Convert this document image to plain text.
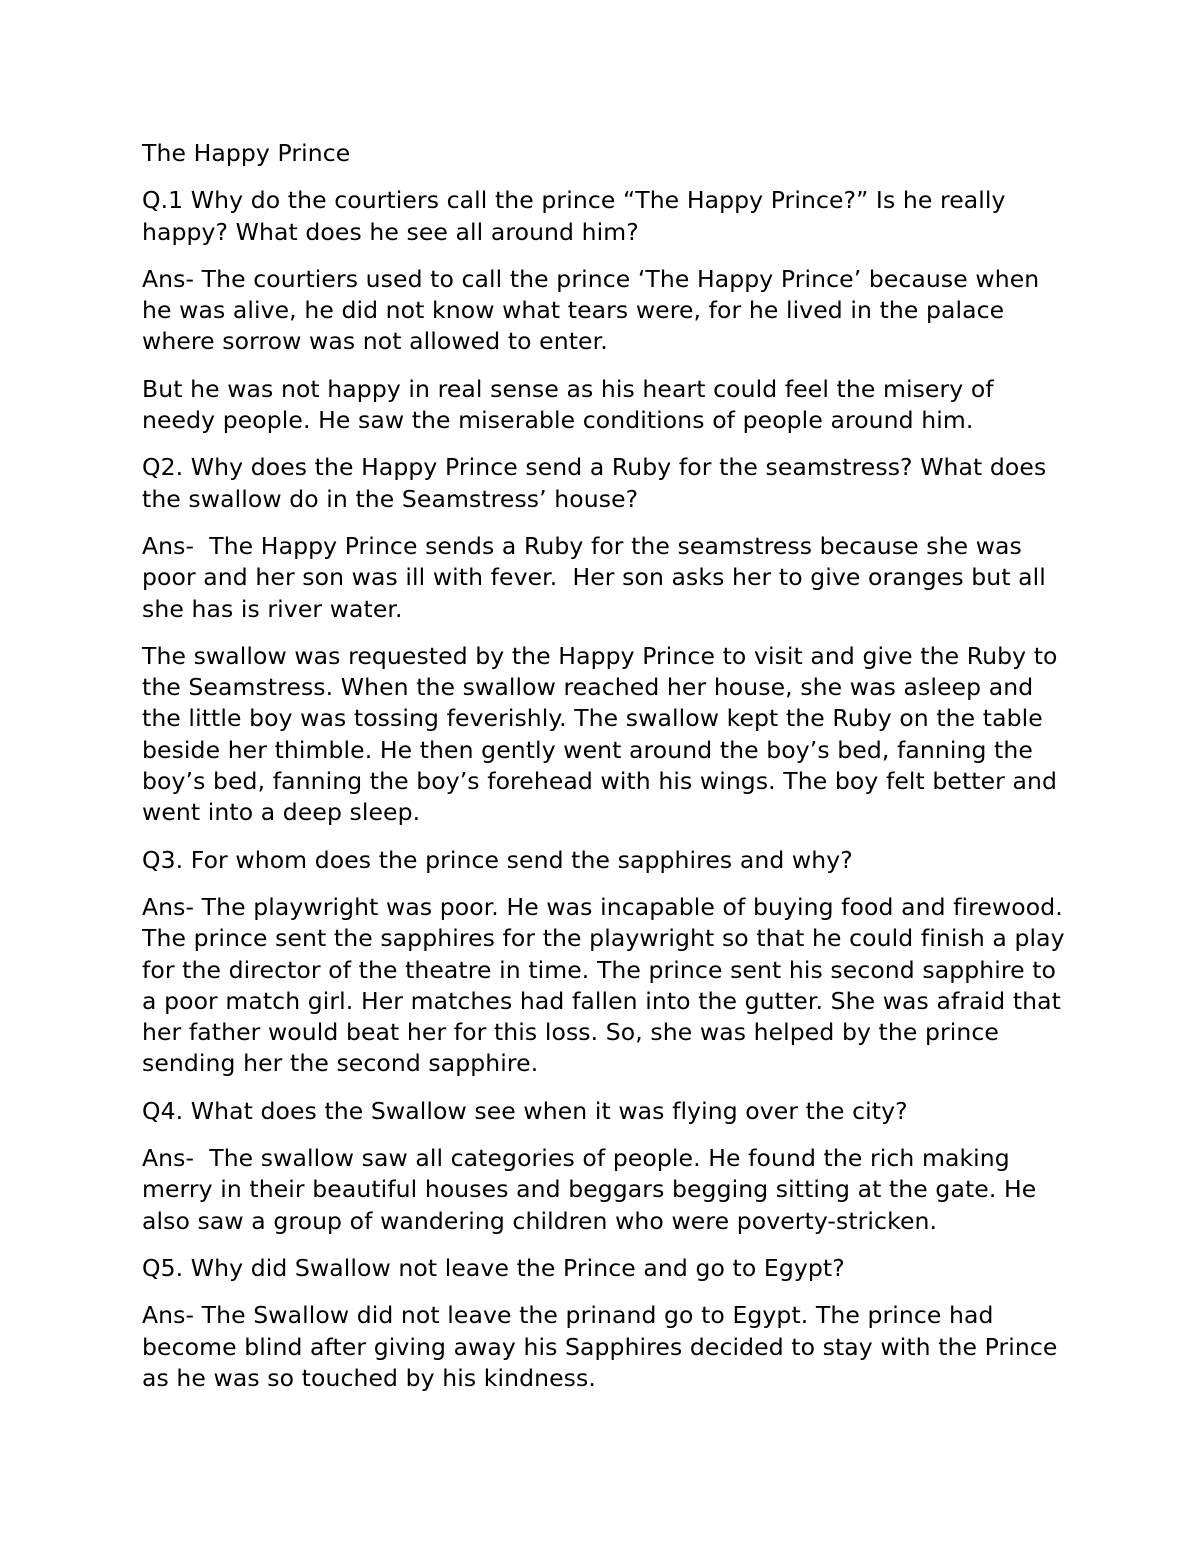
The Happy Prince

Q.1 Why do the courtiers call the prince “The Happy Prince?” Is he really
happy? What does he see all around him?

Ans- The courtiers used to call the prince ‘The Happy Prince’ because when
he was alive, he did not know what tears were, for he lived in the palace
where sorrow was not allowed to enter.

But he was not happy in real sense as his heart could feel the misery of
needy people. He saw the miserable conditions of people around him.

Q2. Why does the Happy Prince send a Ruby for the seamstress? What does
the swallow do in the Seamstress’ house?

Ans-  The Happy Prince sends a Ruby for the seamstress because she was
poor and her son was ill with fever.  Her son asks her to give oranges but all
she has is river water.

The swallow was requested by the Happy Prince to visit and give the Ruby to
the Seamstress. When the swallow reached her house, she was asleep and
the little boy was tossing feverishly. The swallow kept the Ruby on the table
beside her thimble. He then gently went around the boy’s bed, fanning the
boy’s bed, fanning the boy’s forehead with his wings. The boy felt better and
went into a deep sleep.

Q3. For whom does the prince send the sapphires and why?

Ans- The playwright was poor. He was incapable of buying food and firewood.
The prince sent the sapphires for the playwright so that he could finish a play
for the director of the theatre in time. The prince sent his second sapphire to
a poor match girl. Her matches had fallen into the gutter. She was afraid that
her father would beat her for this loss. So, she was helped by the prince
sending her the second sapphire.

Q4. What does the Swallow see when it was flying over the city?

Ans-  The swallow saw all categories of people. He found the rich making
merry in their beautiful houses and beggars begging sitting at the gate. He
also saw a group of wandering children who were poverty-stricken.

Q5. Why did Swallow not leave the Prince and go to Egypt?

Ans- The Swallow did not leave the prinand go to Egypt. The prince had
become blind after giving away his Sapphires decided to stay with the Prince
as he was so touched by his kindness.
